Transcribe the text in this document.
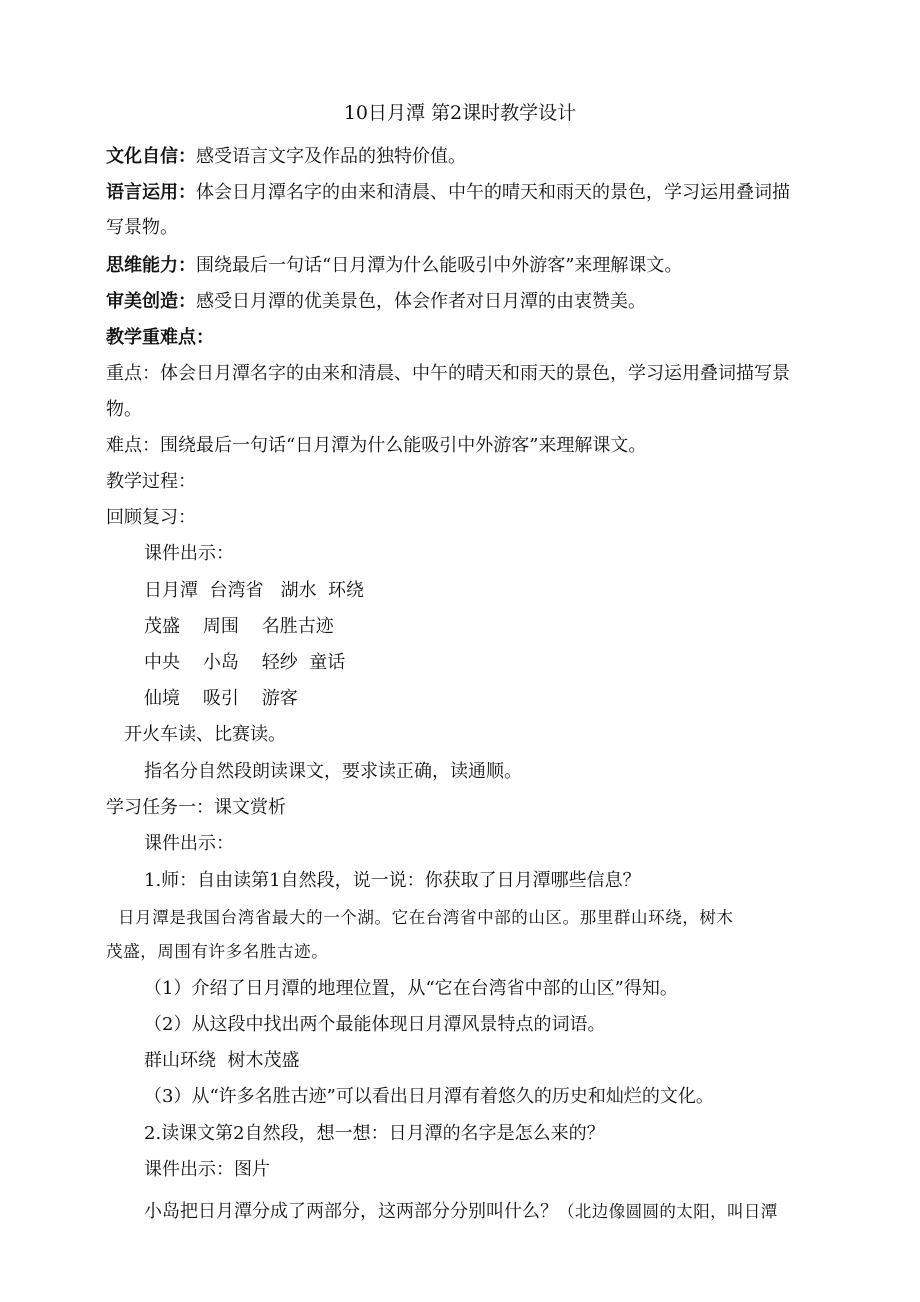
10日月潭 第2课时教学设计
文化自信：感受语言文字及作品的独特价值。
语言运用：体会日月潭名字的由来和清晨、中午的晴天和雨天的景色，学习运用叠词描
写景物。
思维能力：围绕最后一句话“日月潭为什么能吸引中外游客”来理解课文。
审美创造：感受日月潭的优美景色，体会作者对日月潭的由衷赞美。
教学重难点：
重点：体会日月潭名字的由来和清晨、中午的晴天和雨天的景色，学习运用叠词描写景
物。
难点：围绕最后一句话“日月潭为什么能吸引中外游客”来理解课文。
教学过程：
回顾复习：
课件出示：
日月潭  台湾省   湖水  环绕
茂盛    周围    名胜古迹
中央    小岛    轻纱  童话
仙境    吸引    游客
开火车读、比赛读。
指名分自然段朗读课文，要求读正确，读通顺。
学习任务一：课文赏析
课件出示：
1.师：自由读第1自然段，说一说：你获取了日月潭哪些信息？
日月潭是我国台湾省最大的一个湖。它在台湾省中部的山区。那里群山环绕，树木
茂盛，周围有许多名胜古迹。
（1）介绍了日月潭的地理位置，从“它在台湾省中部的山区”得知。
（2）从这段中找出两个最能体现日月潭风景特点的词语。
群山环绕  树木茂盛
（3）从“许多名胜古迹”可以看出日月潭有着悠久的历史和灿烂的文化。
2.读课文第2自然段，想一想：日月潭的名字是怎么来的？
课件出示：图片
小岛把日月潭分成了两部分，这两部分分别叫什么？（北边像圆圆的太阳，叫日潭
